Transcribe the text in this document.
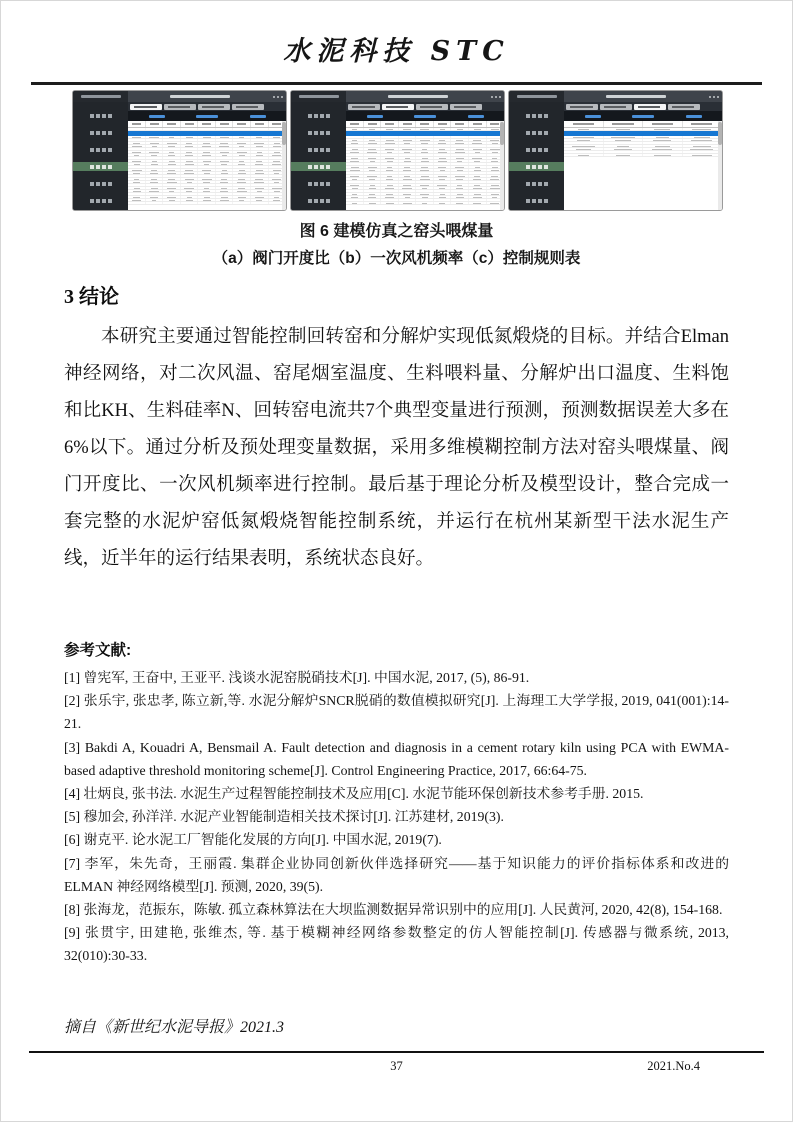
水泥科技 STC
图 6 建模仿真之窑头喂煤量
（a）阀门开度比（b）一次风机频率（c）控制规则表
3 结论
本研究主要通过智能控制回转窑和分解炉实现低氮煅烧的目标。并结合Elman神经网络，对二次风温、窑尾烟室温度、生料喂料量、分解炉出口温度、生料饱和比KH、生料硅率N、回转窑电流共7个典型变量进行预测，预测数据误差大多在6%以下。通过分析及预处理变量数据，采用多维模糊控制方法对窑头喂煤量、阀门开度比、一次风机频率进行控制。最后基于理论分析及模型设计，整合完成一套完整的水泥炉窑低氮煅烧智能控制系统，并运行在杭州某新型干法水泥生产线，近半年的运行结果表明，系统状态良好。
参考文献:
[1] 曾宪军, 王奋中, 王亚平. 浅谈水泥窑脱硝技术[J]. 中国水泥, 2017, (5), 86-91.
[2] 张乐宇, 张忠孝, 陈立新,等. 水泥分解炉SNCR脱硝的数值模拟研究[J]. 上海理工大学学报, 2019, 041(001):14-21.
[3] Bakdi A, Kouadri A, Bensmail A. Fault detection and diagnosis in a cement rotary kiln using PCA with EWMA-based adaptive threshold monitoring scheme[J]. Control Engineering Practice, 2017, 66:64-75.
[4] 壮炳良, 张书法. 水泥生产过程智能控制技术及应用[C]. 水泥节能环保创新技术参考手册. 2015.
[5] 穆加会, 孙洋洋. 水泥产业智能制造相关技术探讨[J]. 江苏建材, 2019(3).
[6] 谢克平. 论水泥工厂智能化发展的方向[J]. 中国水泥, 2019(7).
[7] 李军，朱先奇，王丽霞. 集群企业协同创新伙伴选择研究——基于知识能力的评价指标体系和改进的ELMAN 神经网络模型[J]. 预测, 2020, 39(5).
[8] 张海龙，范振东，陈敏. 孤立森林算法在大坝监测数据异常识别中的应用[J]. 人民黄河, 2020, 42(8), 154-168.
[9] 张贯宇, 田建艳, 张维杰, 等. 基于模糊神经网络参数整定的仿人智能控制[J]. 传感器与微系统, 2013, 32(010):30-33.
摘自《新世纪水泥导报》2021.3
37	2021.No.4
